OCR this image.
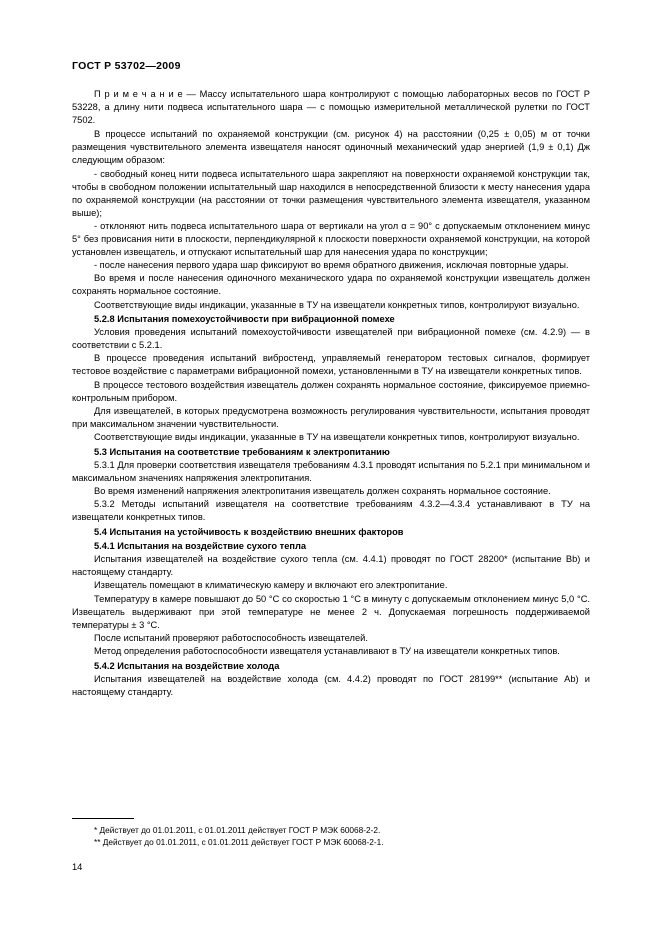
ГОСТ Р 53702—2009

П р и м е ч а н и е — Массу испытательного шара контролируют с помощью лабораторных весов по ГОСТ Р 53228, а длину нити подвеса испытательного шара — с помощью измерительной металлической рулетки по ГОСТ 7502.

В процессе испытаний по охраняемой конструкции (см. рисунок 4) на расстоянии (0,25 ± 0,05) м от точки размещения чувствительного элемента извещателя наносят одиночный механический удар энергией (1,9 ± 0,1) Дж следующим образом:

- свободный конец нити подвеса испытательного шара закрепляют на поверхности охраняемой конструкции так, чтобы в свободном положении испытательный шар находился в непосредственной близости к месту нанесения удара по охраняемой конструкции (на расстоянии от точки размещения чувствительного элемента извещателя, указанном выше);

- отклоняют нить подвеса испытательного шара от вертикали на угол α = 90° с допускаемым отклонением минус 5° без провисания нити в плоскости, перпендикулярной к плоскости поверхности охраняемой конструкции, на которой установлен извещатель, и отпускают испытательный шар для нанесения удара по конструкции;

- после нанесения первого удара шар фиксируют во время обратного движения, исключая повторные удары.

Во время и после нанесения одиночного механического удара по охраняемой конструкции извещатель должен сохранять нормальное состояние.

Соответствующие виды индикации, указанные в ТУ на извещатели конкретных типов, контролируют визуально.

5.2.8 Испытания помехоустойчивости при вибрационной помехе

Условия проведения испытаний помехоустойчивости извещателей при вибрационной помехе (см. 4.2.9) — в соответствии с 5.2.1.

В процессе проведения испытаний вибростенд, управляемый генератором тестовых сигналов, формирует тестовое воздействие с параметрами вибрационной помехи, установленными в ТУ на извещатели конкретных типов.

В процессе тестового воздействия извещатель должен сохранять нормальное состояние, фиксируемое приемно-контрольным прибором.

Для извещателей, в которых предусмотрена возможность регулирования чувствительности, испытания проводят при максимальном значении чувствительности.

Соответствующие виды индикации, указанные в ТУ на извещатели конкретных типов, контролируют визуально.

5.3 Испытания на соответствие требованиям к электропитанию

5.3.1 Для проверки соответствия извещателя требованиям 4.3.1 проводят испытания по 5.2.1 при минимальном и максимальном значениях напряжения электропитания.

Во время изменений напряжения электропитания извещатель должен сохранять нормальное состояние.

5.3.2 Методы испытаний извещателя на соответствие требованиям 4.3.2—4.3.4 устанавливают в ТУ на извещатели конкретных типов.

5.4 Испытания на устойчивость к воздействию внешних факторов

5.4.1 Испытания на воздействие сухого тепла

Испытания извещателей на воздействие сухого тепла (см. 4.4.1) проводят по ГОСТ 28200* (испытание Вb) и настоящему стандарту.

Извещатель помещают в климатическую камеру и включают его электропитание.

Температуру в камере повышают до 50 °С со скоростью 1 °С в минуту с допускаемым отклонением минус 5,0 °С. Извещатель выдерживают при этой температуре не менее 2 ч. Допускаемая погрешность поддерживаемой температуры ± 3 °С.

После испытаний проверяют работоспособность извещателей.

Метод определения работоспособности извещателя устанавливают в ТУ на извещатели конкретных типов.

5.4.2 Испытания на воздействие холода

Испытания извещателей на воздействие холода (см. 4.4.2) проводят по ГОСТ 28199** (испытание Аb) и настоящему стандарту.

* Действует до 01.01.2011, с 01.01.2011 действует ГОСТ Р МЭК 60068-2-2.

** Действует до 01.01.2011, с 01.01.2011 действует ГОСТ Р МЭК 60068-2-1.

14
